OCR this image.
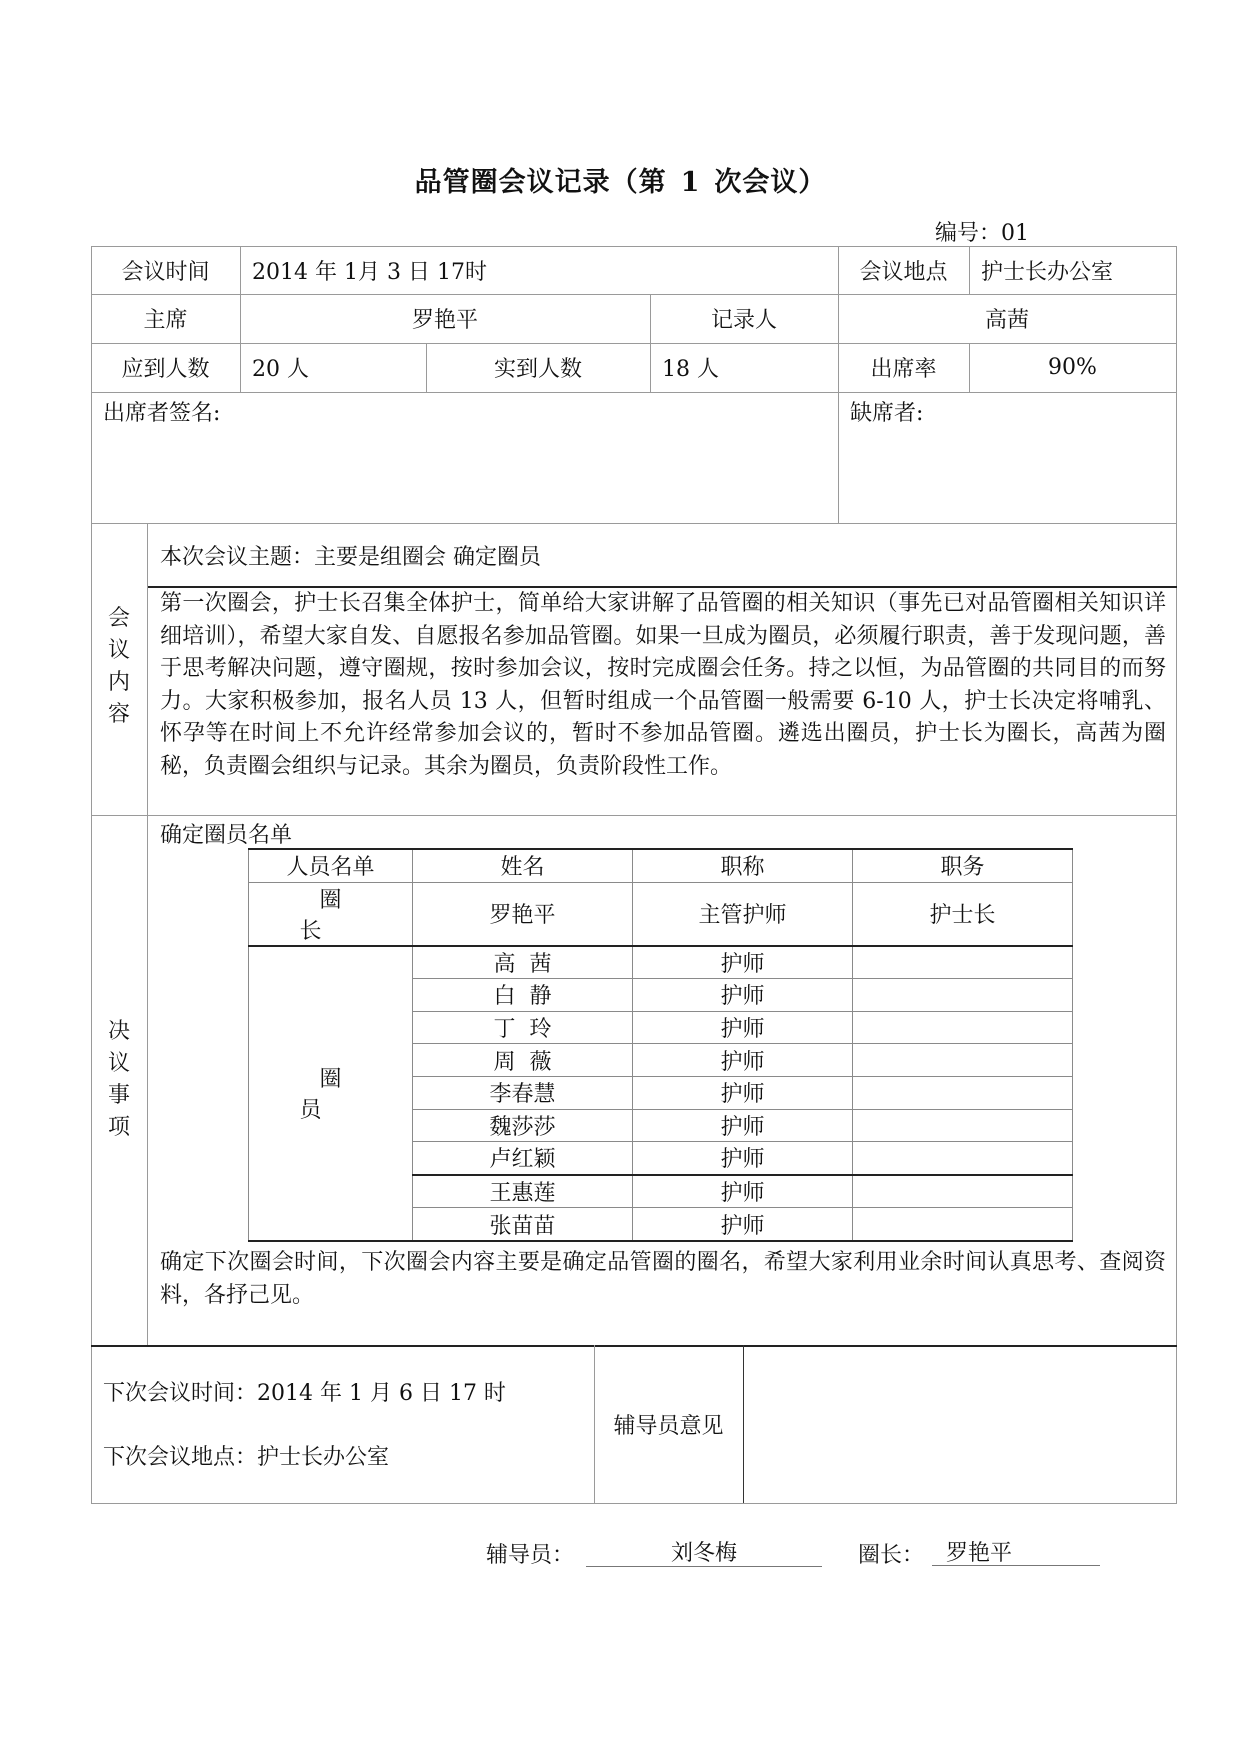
品管圈会议记录（第 1 次会议）
编号：01
会议时间	2014 年 1月 3 日 17时	会议地点	护士长办公室
主席	罗艳平	记录人	高茜
应到人数	20 人	实到人数	18 人	出席率	90%
出席者签名:	缺席者:
会
议
内
容
本次会议主题：主要是组圈会 确定圈员
第一次圈会，护士长召集全体护士，简单给大家讲解了品管圈的相关知识（事先已对品管圈相关知识详细培训），希望大家自发、自愿报名参加品管圈。如果一旦成为圈员，必须履行职责，善于发现问题，善于思考解决问题，遵守圈规，按时参加会议，按时完成圈会任务。持之以恒，为品管圈的共同目的而努力。大家积极参加，报名人员 13 人，但暂时组成一个品管圈一般需要 6-10 人，护士长决定将哺乳、怀孕等在时间上不允许经常参加会议的，暂时不参加品管圈。遴选出圈员，护士长为圈长，高茜为圈秘，负责圈会组织与记录。其余为圈员，负责阶段性工作。
决
议
事
项
确定圈员名单
人员名单	姓名	职称	职务
圈长	罗艳平	主管护师	护士长
圈员	高茜	护师	
	白静	护师	
	丁玲	护师	
	周薇	护师	
	李春慧	护师	
	魏莎莎	护师	
	卢红颖	护师	
	王惠莲	护师	
	张苗苗	护师	
确定下次圈会时间，下次圈会内容主要是确定品管圈的圈名，希望大家利用业余时间认真思考、查阅资料，各抒己见。
下次会议时间：2014 年 1 月 6 日 17 时
下次会议地点：护士长办公室
辅导员意见
辅导员：	刘冬梅	圈长： 罗艳平
